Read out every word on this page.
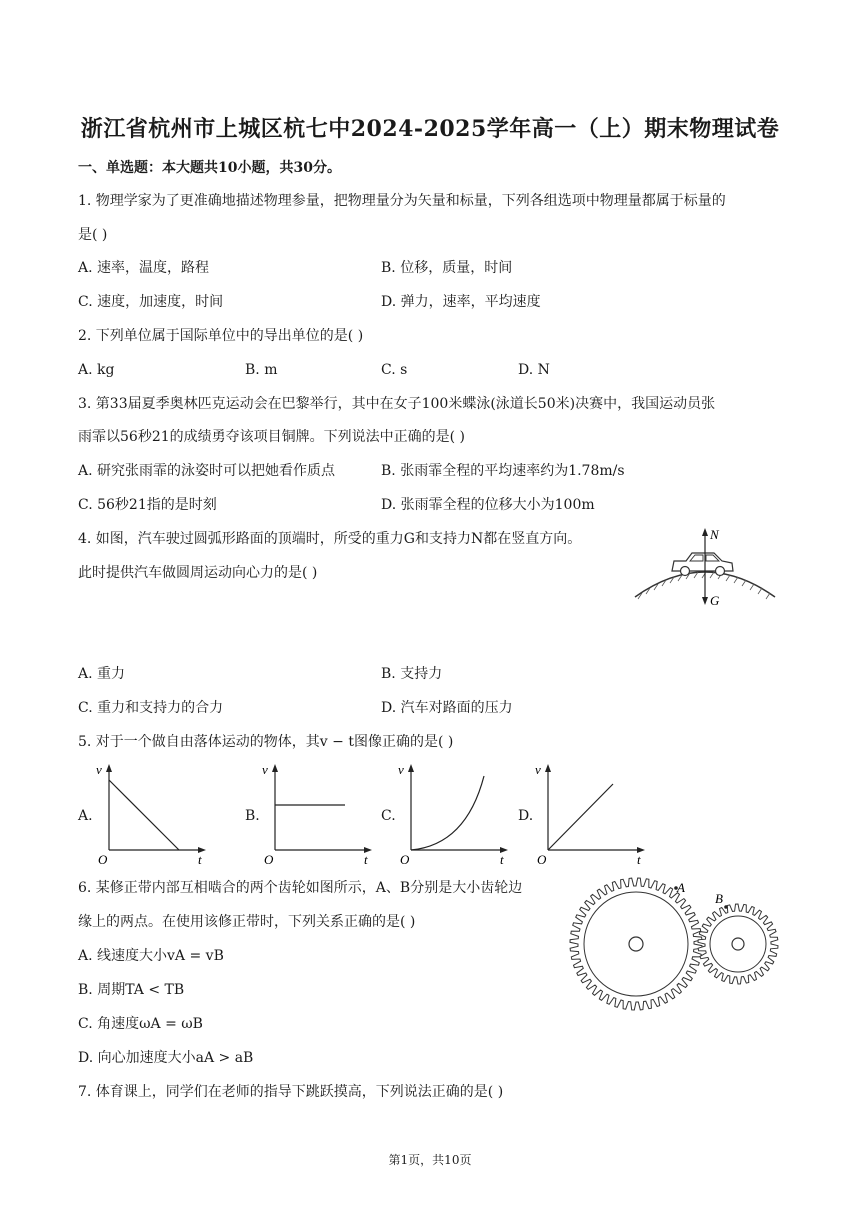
浙江省杭州市上城区杭七中2024-2025学年高一（上）期末物理试卷
一、单选题：本大题共10小题，共30分。
1. 物理学家为了更准确地描述物理参量，把物理量分为矢量和标量，下列各组选项中物理量都属于标量的
是( )
A. 速率，温度，路程	B. 位移，质量，时间
C. 速度，加速度，时间	D. 弹力，速率，平均速度
2. 下列单位属于国际单位中的导出单位的是( )
A. kg	B. m	C. s	D. N
3. 第33届夏季奥林匹克运动会在巴黎举行，其中在女子100米蝶泳(泳道长50米)决赛中，我国运动员张
雨霏以56秒21的成绩勇夺该项目铜牌。下列说法中正确的是( )
A. 研究张雨霏的泳姿时可以把她看作质点	B. 张雨霏全程的平均速率约为1.78m/s
C. 56秒21指的是时刻	D. 张雨霏全程的位移大小为100m
4. 如图，汽车驶过圆弧形路面的顶端时，所受的重力G和支持力N都在竖直方向。
此时提供汽车做圆周运动向心力的是( )
N
G
A. 重力	B. 支持力
C. 重力和支持力的合力	D. 汽车对路面的压力
5. 对于一个做自由落体运动的物体，其v − t图像正确的是( )
A.	B.	C.	D.
v
t
O
v
t
O
v
t
O
v
t
O
6. 某修正带内部互相啮合的两个齿轮如图所示，A、B分别是大小齿轮边
缘上的两点。在使用该修正带时，下列关系正确的是( )
A. 线速度大小vA = vB
B. 周期TA < TB
C. 角速度ωA = ωB
D. 向心加速度大小aA > aB
A
B
7. 体育课上，同学们在老师的指导下跳跃摸高，下列说法正确的是( )
第1页，共10页
